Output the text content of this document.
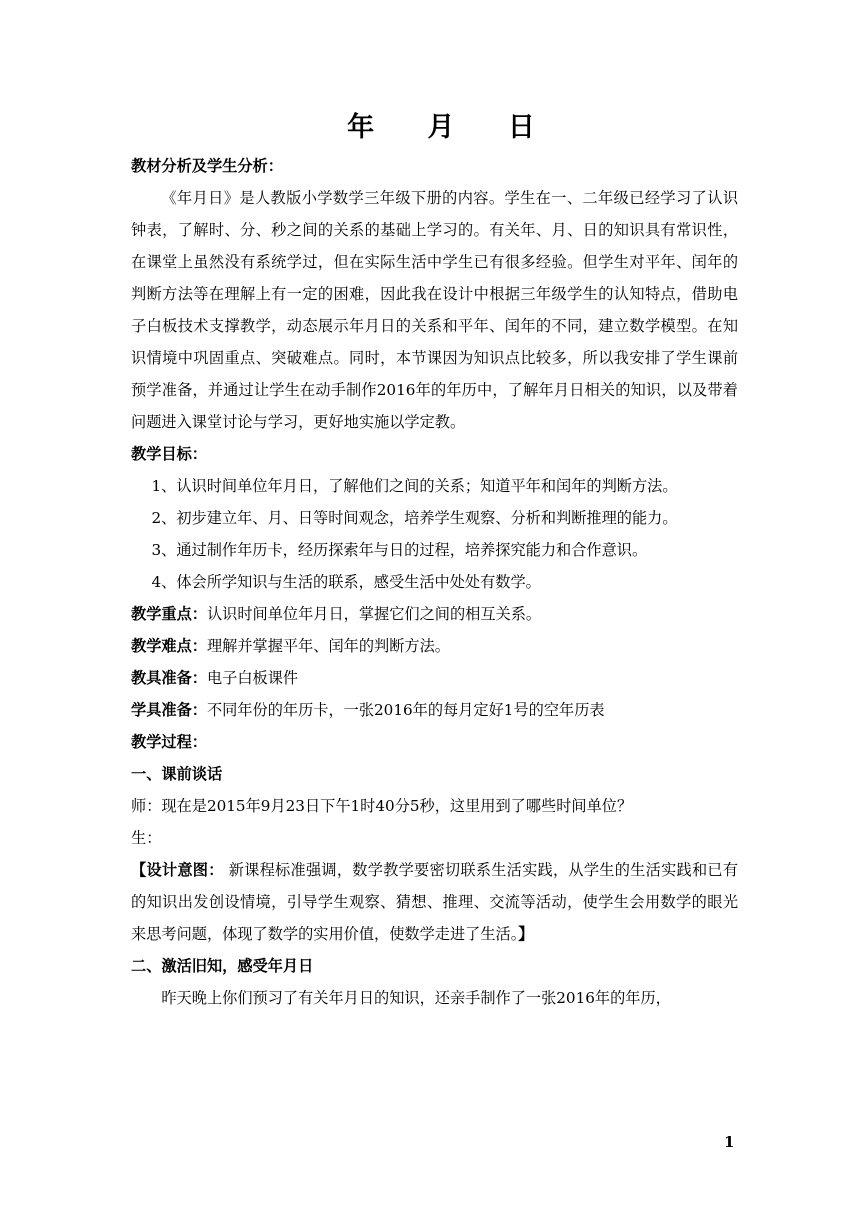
年 月 日

教材分析及学生分析：

《年月日》是人教版小学数学三年级下册的内容。学生在一、二年级已经学习了认识钟表，了解时、分、秒之间的关系的基础上学习的。有关年、月、日的知识具有常识性，在课堂上虽然没有系统学过，但在实际生活中学生已有很多经验。但学生对平年、闰年的判断方法等在理解上有一定的困难，因此我在设计中根据三年级学生的认知特点，借助电子白板技术支撑教学，动态展示年月日的关系和平年、闰年的不同，建立数学模型。在知识情境中巩固重点、突破难点。同时，本节课因为知识点比较多，所以我安排了学生课前预学准备，并通过让学生在动手制作2016年的年历中，了解年月日相关的知识，以及带着问题进入课堂讨论与学习，更好地实施以学定教。

教学目标：

1、认识时间单位年月日，了解他们之间的关系；知道平年和闰年的判断方法。

2、初步建立年、月、日等时间观念，培养学生观察、分析和判断推理的能力。

3、通过制作年历卡，经历探索年与日的过程，培养探究能力和合作意识。

4、体会所学知识与生活的联系，感受生活中处处有数学。

教学重点：认识时间单位年月日，掌握它们之间的相互关系。

教学难点：理解并掌握平年、闰年的判断方法。

教具准备：电子白板课件

学具准备：不同年份的年历卡，一张2016年的每月定好1号的空年历表

教学过程：

一、课前谈话

师：现在是2015年9月23日下午1时40分5秒，这里用到了哪些时间单位？

生：

【设计意图： 新课程标准强调，数学教学要密切联系生活实践，从学生的生活实践和已有的知识出发创设情境，引导学生观察、猜想、推理、交流等活动，使学生会用数学的眼光来思考问题，体现了数学的实用价值，使数学走进了生活。】

二、激活旧知，感受年月日

昨天晚上你们预习了有关年月日的知识，还亲手制作了一张2016年的年历，

1
